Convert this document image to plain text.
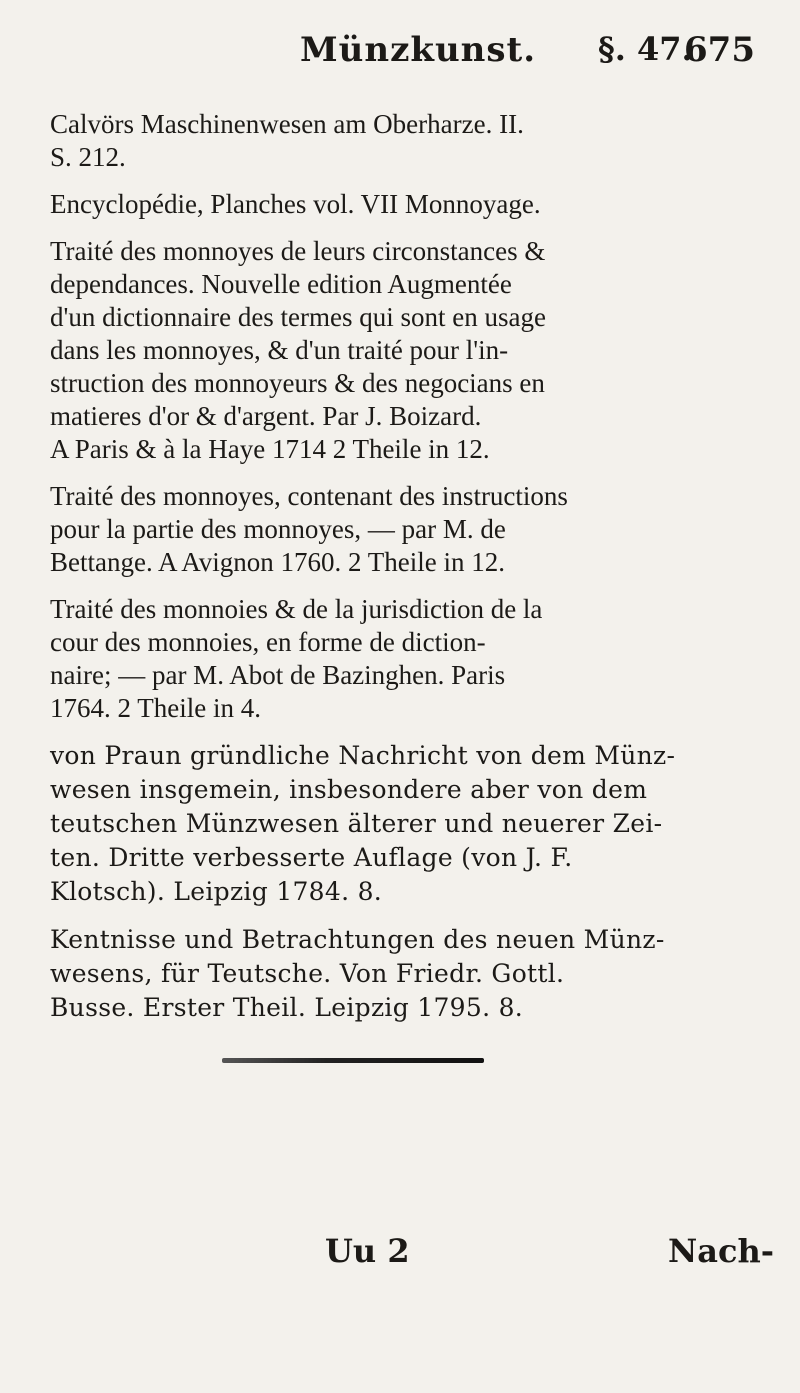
Münzkunst. §. 47.
675
Calvörs Maschinenwesen am Oberharze. II.
S. 212.
Encyclopédie, Planches vol. VII Monnoyage.
Traité des monnoyes de leurs circonstances &
dependances. Nouvelle edition Augmentée
d'un dictionnaire des termes qui sont en usage
dans les monnoyes, & d'un traité pour l'in-
struction des monnoyeurs & des negocians en
matieres d'or & d'argent. Par J. Boizard.
A Paris & à la Haye 1714 2 Theile in 12.
Traité des monnoyes, contenant des instructions
pour la partie des monnoyes, — par M. de
Bettange. A Avignon 1760. 2 Theile in 12.
Traité des monnoies & de la jurisdiction de la
cour des monnoies, en forme de diction-
naire; — par M. Abot de Bazinghen. Paris
1764. 2 Theile in 4.
von Praun gründliche Nachricht von dem Münz-
wesen insgemein, insbesondere aber von dem
teutschen Münzwesen älterer und neuerer Zei-
ten. Dritte verbesserte Auflage (von J. F.
Klotsch). Leipzig 1784. 8.
Kentnisse und Betrachtungen des neuen Münz-
wesens, für Teutsche. Von Friedr. Gottl.
Busse. Erster Theil. Leipzig 1795. 8.
Uu 2	Nach-
